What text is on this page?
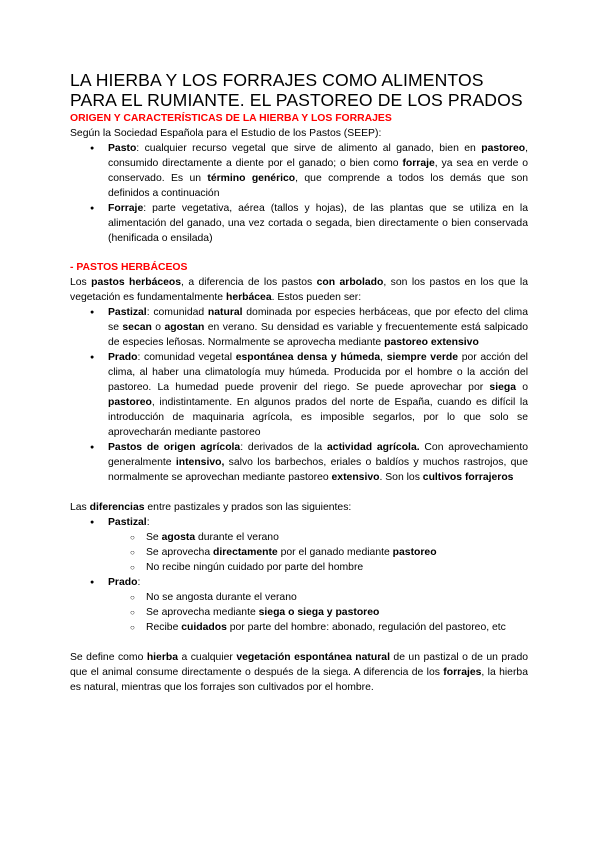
LA HIERBA Y LOS FORRAJES COMO ALIMENTOS PARA EL RUMIANTE. EL PASTOREO DE LOS PRADOS
ORIGEN Y CARACTERÍSTICAS DE LA HIERBA Y LOS FORRAJES

Según la Sociedad Española para el Estudio de los Pastos (SEEP):

● Pasto: cualquier recurso vegetal que sirve de alimento al ganado, bien en pastoreo, consumido directamente a diente por el ganado; o bien como forraje, ya sea en verde o conservado. Es un término genérico, que comprende a todos los demás que son definidos a continuación
● Forraje: parte vegetativa, aérea (tallos y hojas), de las plantas que se utiliza en la alimentación del ganado, una vez cortada o segada, bien directamente o bien conservada (henificada o ensilada)
- PASTOS HERBÁCEOS

Los pastos herbáceos, a diferencia de los pastos con arbolado, son los pastos en los que la vegetación es fundamentalmente herbácea. Estos pueden ser:

● Pastizal: comunidad natural dominada por especies herbáceas, que por efecto del clima se secan o agostan en verano. Su densidad es variable y frecuentemente está salpicado de especies leñosas. Normalmente se aprovecha mediante pastoreo extensivo
● Prado: comunidad vegetal espontánea densa y húmeda, siempre verde por acción del clima, al haber una climatología muy húmeda. Producida por el hombre o la acción del pastoreo. La humedad puede provenir del riego. Se puede aprovechar por siega o pastoreo, indistintamente. En algunos prados del norte de España, cuando es difícil la introducción de maquinaria agrícola, es imposible segarlos, por lo que solo se aprovecharán mediante pastoreo
● Pastos de origen agrícola: derivados de la actividad agrícola. Con aprovechamiento generalmente intensivo, salvo los barbechos, eriales o baldíos y muchos rastrojos, que normalmente se aprovechan mediante pastoreo extensivo. Son los cultivos forrajeros

Las diferencias entre pastizales y prados son las siguientes:

● Pastizal:
○ Se agosta durante el verano
○ Se aprovecha directamente por el ganado mediante pastoreo
○ No recibe ningún cuidado por parte del hombre
● Prado:
○ No se angosta durante el verano
○ Se aprovecha mediante siega o siega y pastoreo
○ Recibe cuidados por parte del hombre: abonado, regulación del pastoreo, etc

Se define como hierba a cualquier vegetación espontánea natural de un pastizal o de un prado que el animal consume directamente o después de la siega. A diferencia de los forrajes, la hierba es natural, mientras que los forrajes son cultivados por el hombre.
